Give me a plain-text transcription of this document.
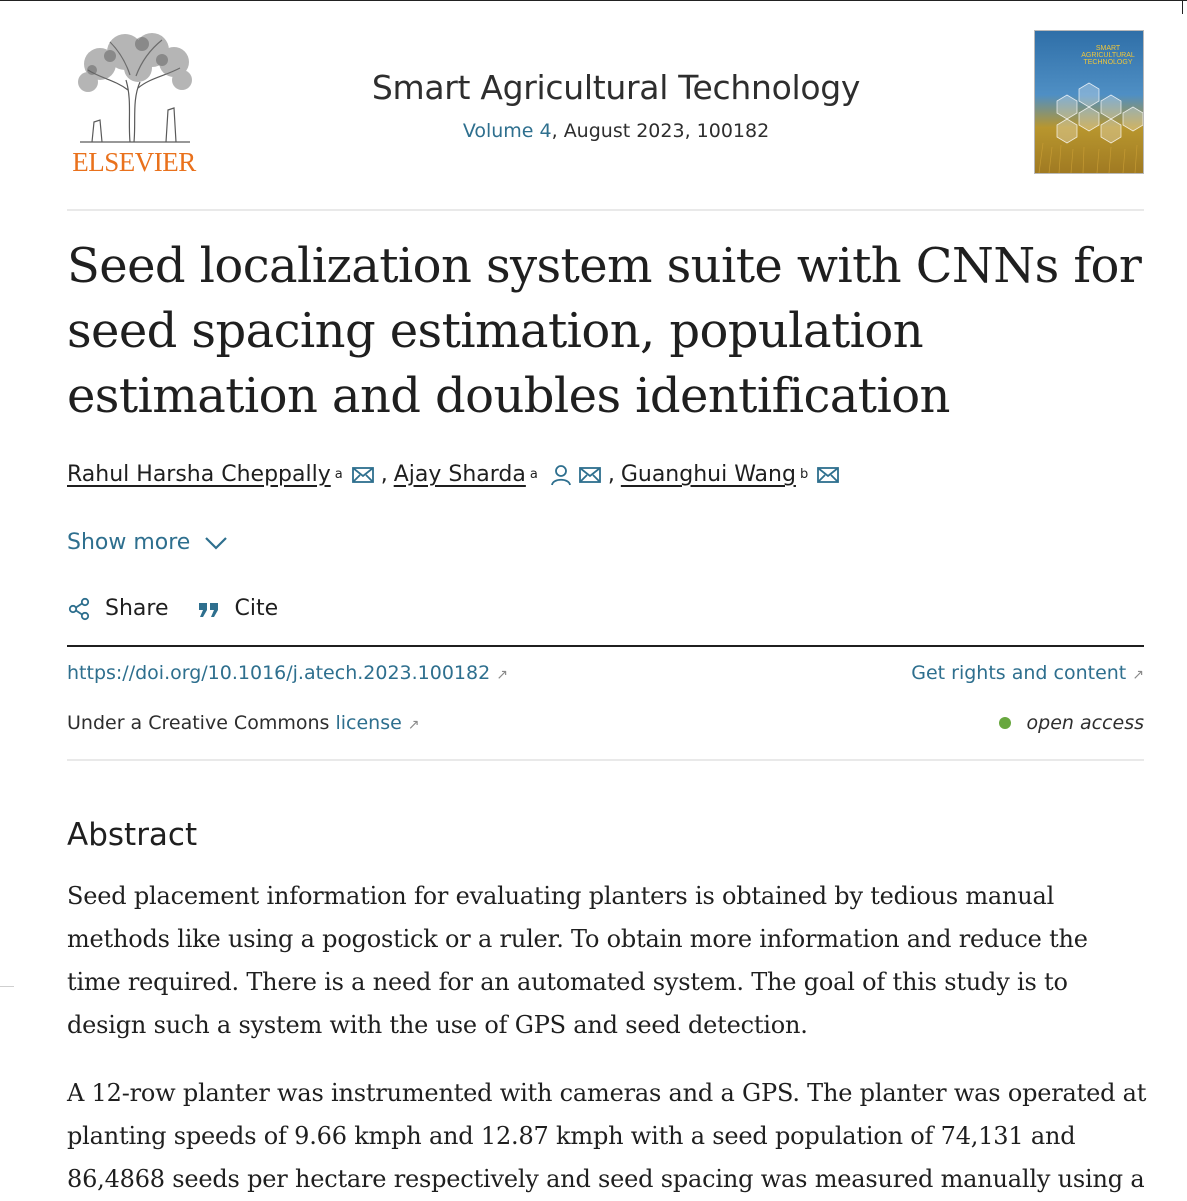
ELSEVIER
Smart Agricultural Technology
Volume 4, August 2023, 100182
SMART
AGRICULTURAL
TECHNOLOGY
Seed localization system suite with CNNs for seed spacing estimation, population estimation and doubles identification
Rahul Harsha Cheppally a , Ajay Sharda a	, Guanghui Wang b
Show more
Share	Cite
https://doi.org/10.1016/j.atech.2023.100182 ↗	Get rights and content ↗
Under a Creative Commons license ↗	open access
Abstract

Seed placement information for evaluating planters is obtained by tedious manual
methods like using a pogostick or a ruler. To obtain more information and reduce the
time required. There is a need for an automated system. The goal of this study is to
design such a system with the use of GPS and seed detection.

A 12-row planter was instrumented with cameras and a GPS. The planter was operated at
planting speeds of 9.66 kmph and 12.87 kmph with a seed population of 74,131 and
86,4868 seeds per hectare respectively and seed spacing was measured manually using a
